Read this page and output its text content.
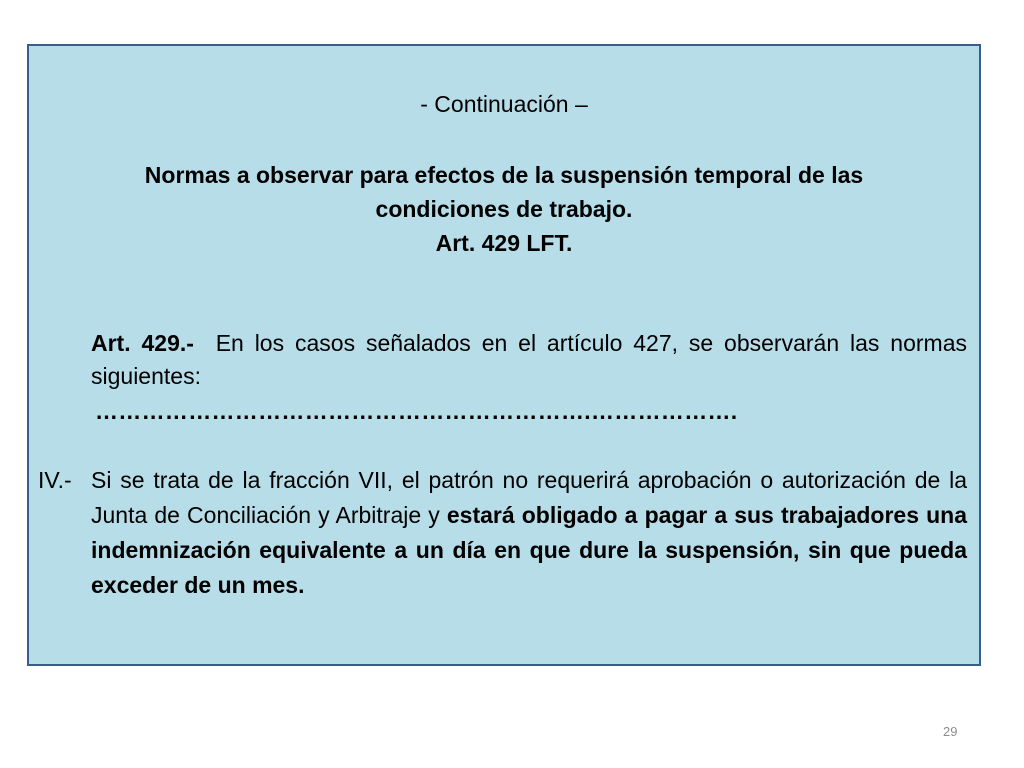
- Continuación –
Normas a observar para efectos de la suspensión temporal de las
condiciones de trabajo.
Art. 429 LFT.
Art. 429.- En los casos señalados en el artículo 427, se observarán las normas siguientes:
……………………………………………………….……………….
IV.- Si se trata de la fracción VII, el patrón no requerirá aprobación o autorización de la Junta de Conciliación y Arbitraje y estará obligado a pagar a sus trabajadores una indemnización equivalente a un día en que dure la suspensión, sin que pueda exceder de un mes.
29
